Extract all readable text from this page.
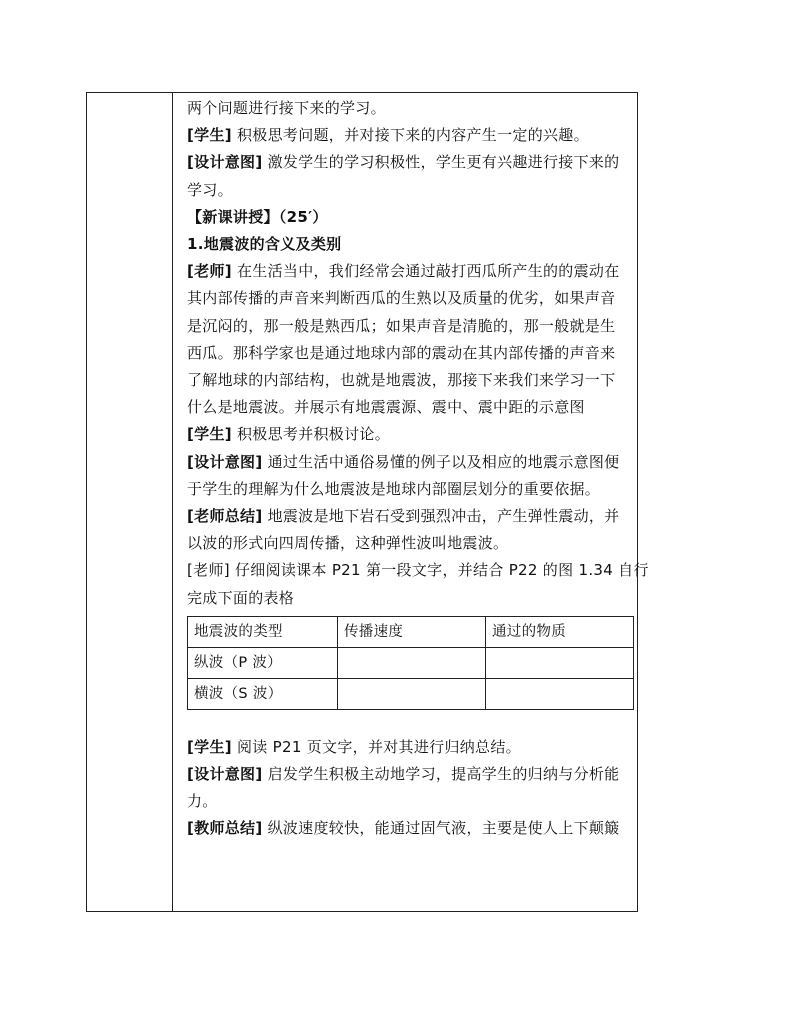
两个问题进行接下来的学习。
[学生] 积极思考问题，并对接下来的内容产生一定的兴趣。
[设计意图] 激发学生的学习积极性，学生更有兴趣进行接下来的
学习。
【新课讲授】（25′）
1.地震波的含义及类别
[老师] 在生活当中，我们经常会通过敲打西瓜所产生的的震动在
其内部传播的声音来判断西瓜的生熟以及质量的优劣，如果声音
是沉闷的，那一般是熟西瓜；如果声音是清脆的，那一般就是生
西瓜。那科学家也是通过地球内部的震动在其内部传播的声音来
了解地球的内部结构，也就是地震波，那接下来我们来学习一下
什么是地震波。并展示有地震震源、震中、震中距的示意图
[学生] 积极思考并积极讨论。
[设计意图] 通过生活中通俗易懂的例子以及相应的地震示意图便
于学生的理解为什么地震波是地球内部圈层划分的重要依据。
[老师总结] 地震波是地下岩石受到强烈冲击，产生弹性震动，并
以波的形式向四周传播，这种弹性波叫地震波。
[老师] 仔细阅读课本 P21 第一段文字，并结合 P22 的图 1.34 自行
完成下面的表格
地震波的类型	传播速度	通过的物质
纵波（P 波）		
横波（S 波）		
[学生] 阅读 P21 页文字，并对其进行归纳总结。
[设计意图] 启发学生积极主动地学习，提高学生的归纳与分析能
力。
[教师总结] 纵波速度较快，能通过固气液，主要是使人上下颠簸
